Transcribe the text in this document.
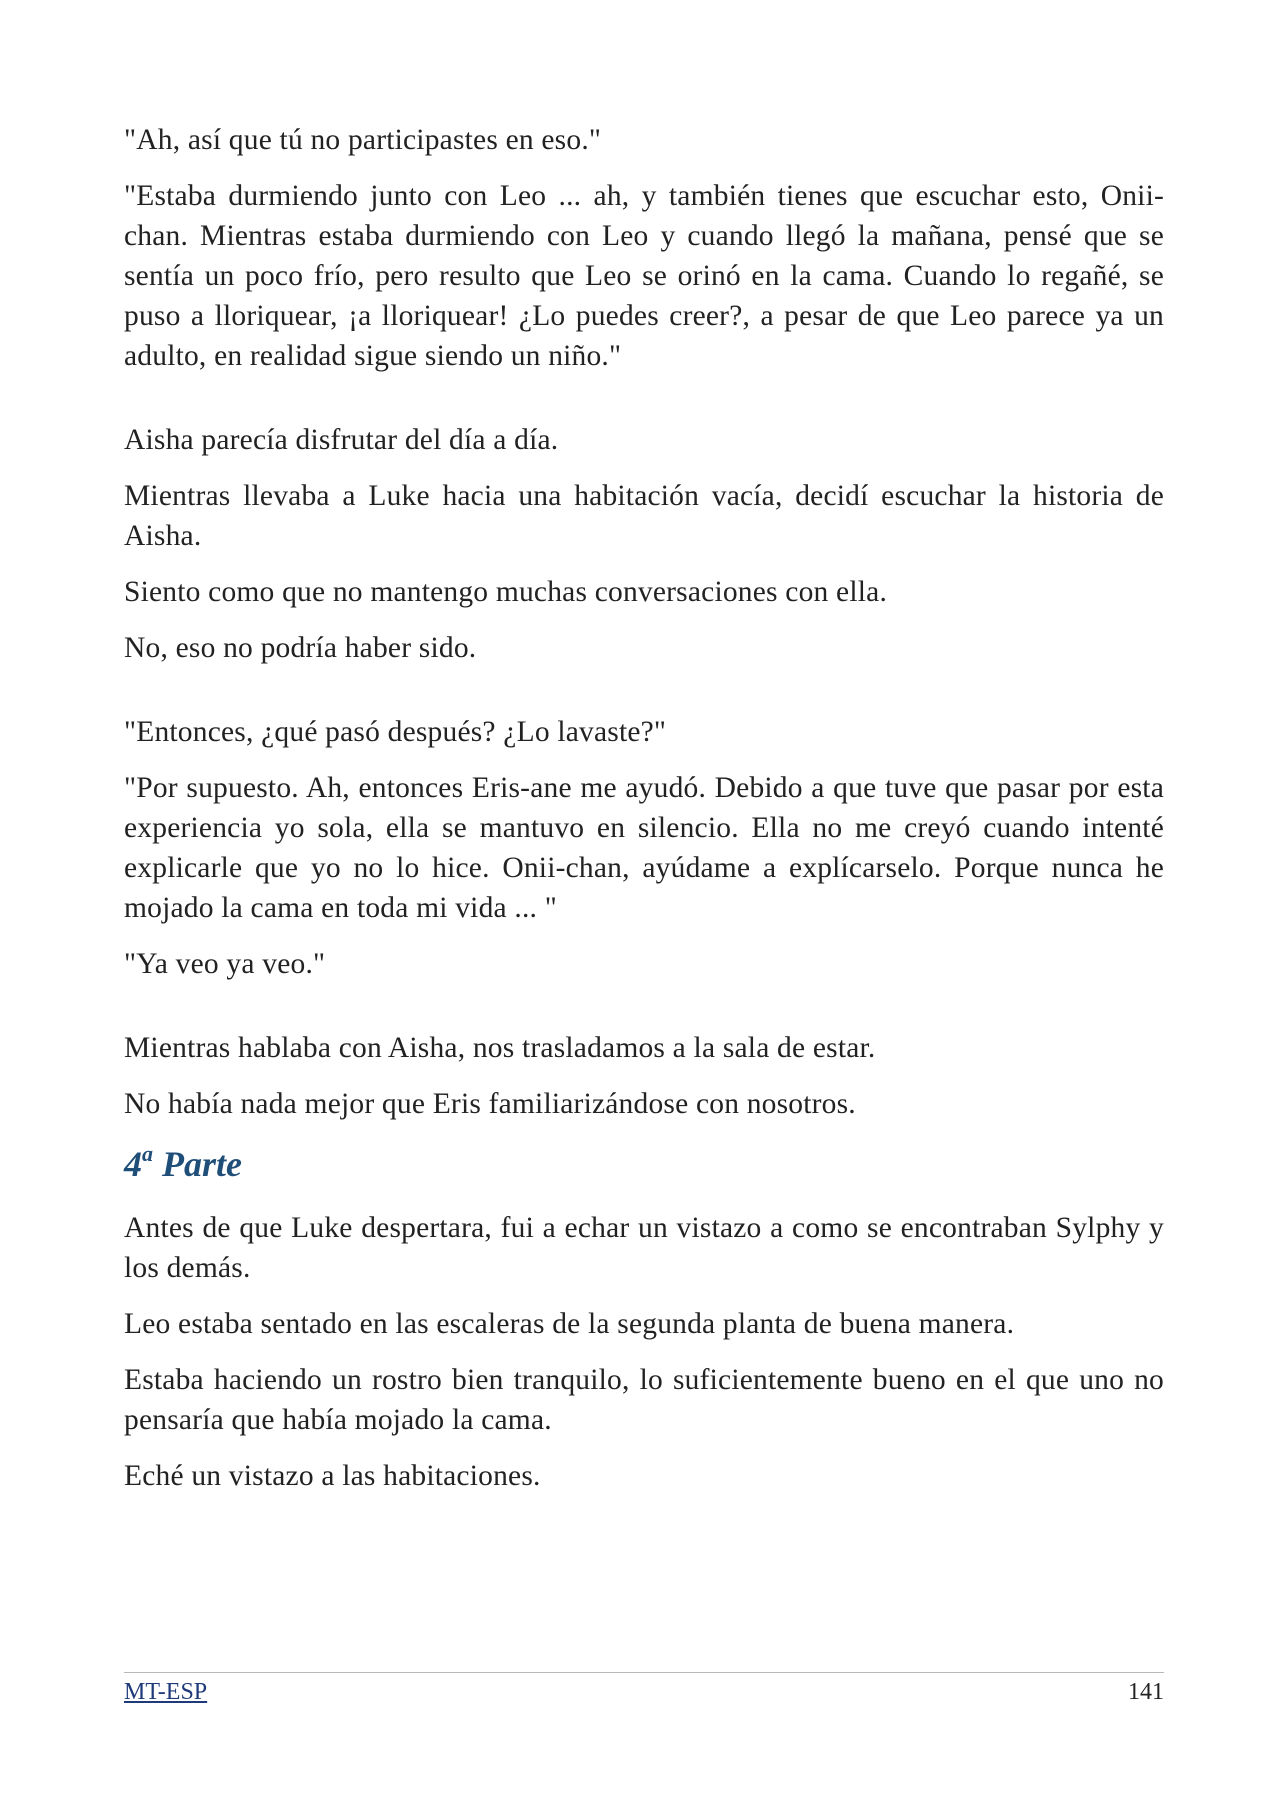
"Ah, así que tú no participastes en eso."

"Estaba durmiendo junto con Leo ... ah, y también tienes que escuchar esto, Onii-chan. Mientras estaba durmiendo con Leo y cuando llegó la mañana, pensé que se sentía un poco frío, pero resulto que Leo se orinó en la cama. Cuando lo regañé, se puso a lloriquear, ¡a lloriquear! ¿Lo puedes creer?, a pesar de que Leo parece ya un adulto, en realidad sigue siendo un niño."

Aisha parecía disfrutar del día a día.

Mientras llevaba a Luke hacia una habitación vacía, decidí escuchar la historia de Aisha.

Siento como que no mantengo muchas conversaciones con ella.

No, eso no podría haber sido.

"Entonces, ¿qué pasó después? ¿Lo lavaste?"

"Por supuesto. Ah, entonces Eris-ane me ayudó. Debido a que tuve que pasar por esta experiencia yo sola, ella se mantuvo en silencio. Ella no me creyó cuando intenté explicarle que yo no lo hice. Onii-chan, ayúdame a explícarselo. Porque nunca he mojado la cama en toda mi vida ... "

"Ya veo ya veo."

Mientras hablaba con Aisha, nos trasladamos a la sala de estar.

No había nada mejor que Eris familiarizándose con nosotros.

4$^a$ Parte

Antes de que Luke despertara, fui a echar un vistazo a como se encontraban Sylphy y los demás.

Leo estaba sentado en las escaleras de la segunda planta de buena manera.

Estaba haciendo un rostro bien tranquilo, lo suficientemente bueno en el que uno no pensaría que había mojado la cama.

Eché un vistazo a las habitaciones.

MT-ESP	141
